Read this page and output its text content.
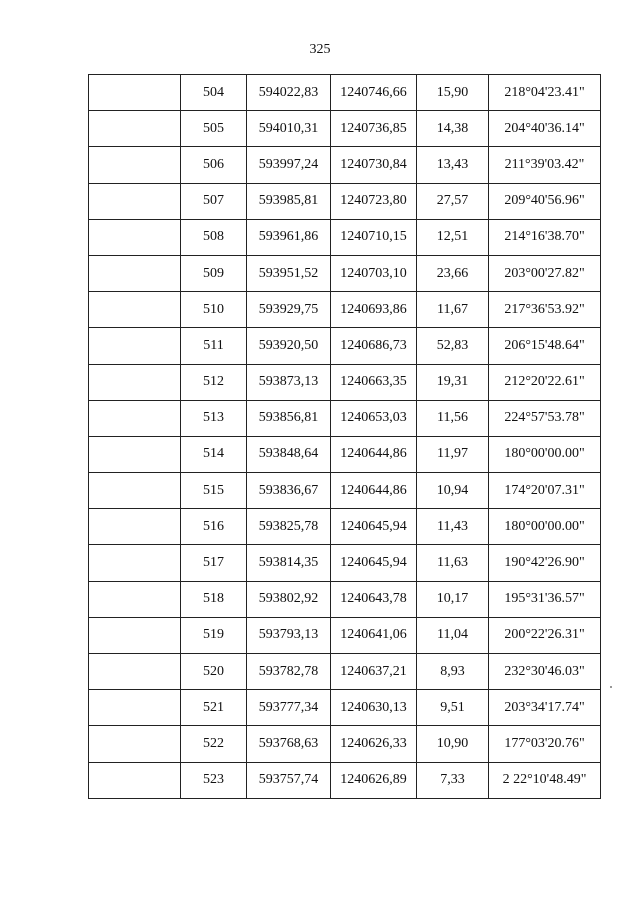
325
	504	594022,83	1240746,66	15,90	218°04'23.41"
	505	594010,31	1240736,85	14,38	204°40'36.14"
	506	593997,24	1240730,84	13,43	211°39'03.42"
	507	593985,81	1240723,80	27,57	209°40'56.96"
	508	593961,86	1240710,15	12,51	214°16'38.70"
	509	593951,52	1240703,10	23,66	203°00'27.82"
	510	593929,75	1240693,86	11,67	217°36'53.92"
	511	593920,50	1240686,73	52,83	206°15'48.64"
	512	593873,13	1240663,35	19,31	212°20'22.61"
	513	593856,81	1240653,03	11,56	224°57'53.78"
	514	593848,64	1240644,86	11,97	180°00'00.00"
	515	593836,67	1240644,86	10,94	174°20'07.31"
	516	593825,78	1240645,94	11,43	180°00'00.00"
	517	593814,35	1240645,94	11,63	190°42'26.90"
	518	593802,92	1240643,78	10,17	195°31'36.57"
	519	593793,13	1240641,06	11,04	200°22'26.31"
	520	593782,78	1240637,21	8,93	232°30'46.03"
	521	593777,34	1240630,13	9,51	203°34'17.74"
	522	593768,63	1240626,33	10,90	177°03'20.76"
	523	593757,74	1240626,89	7,33	2 22°10'48.49"
